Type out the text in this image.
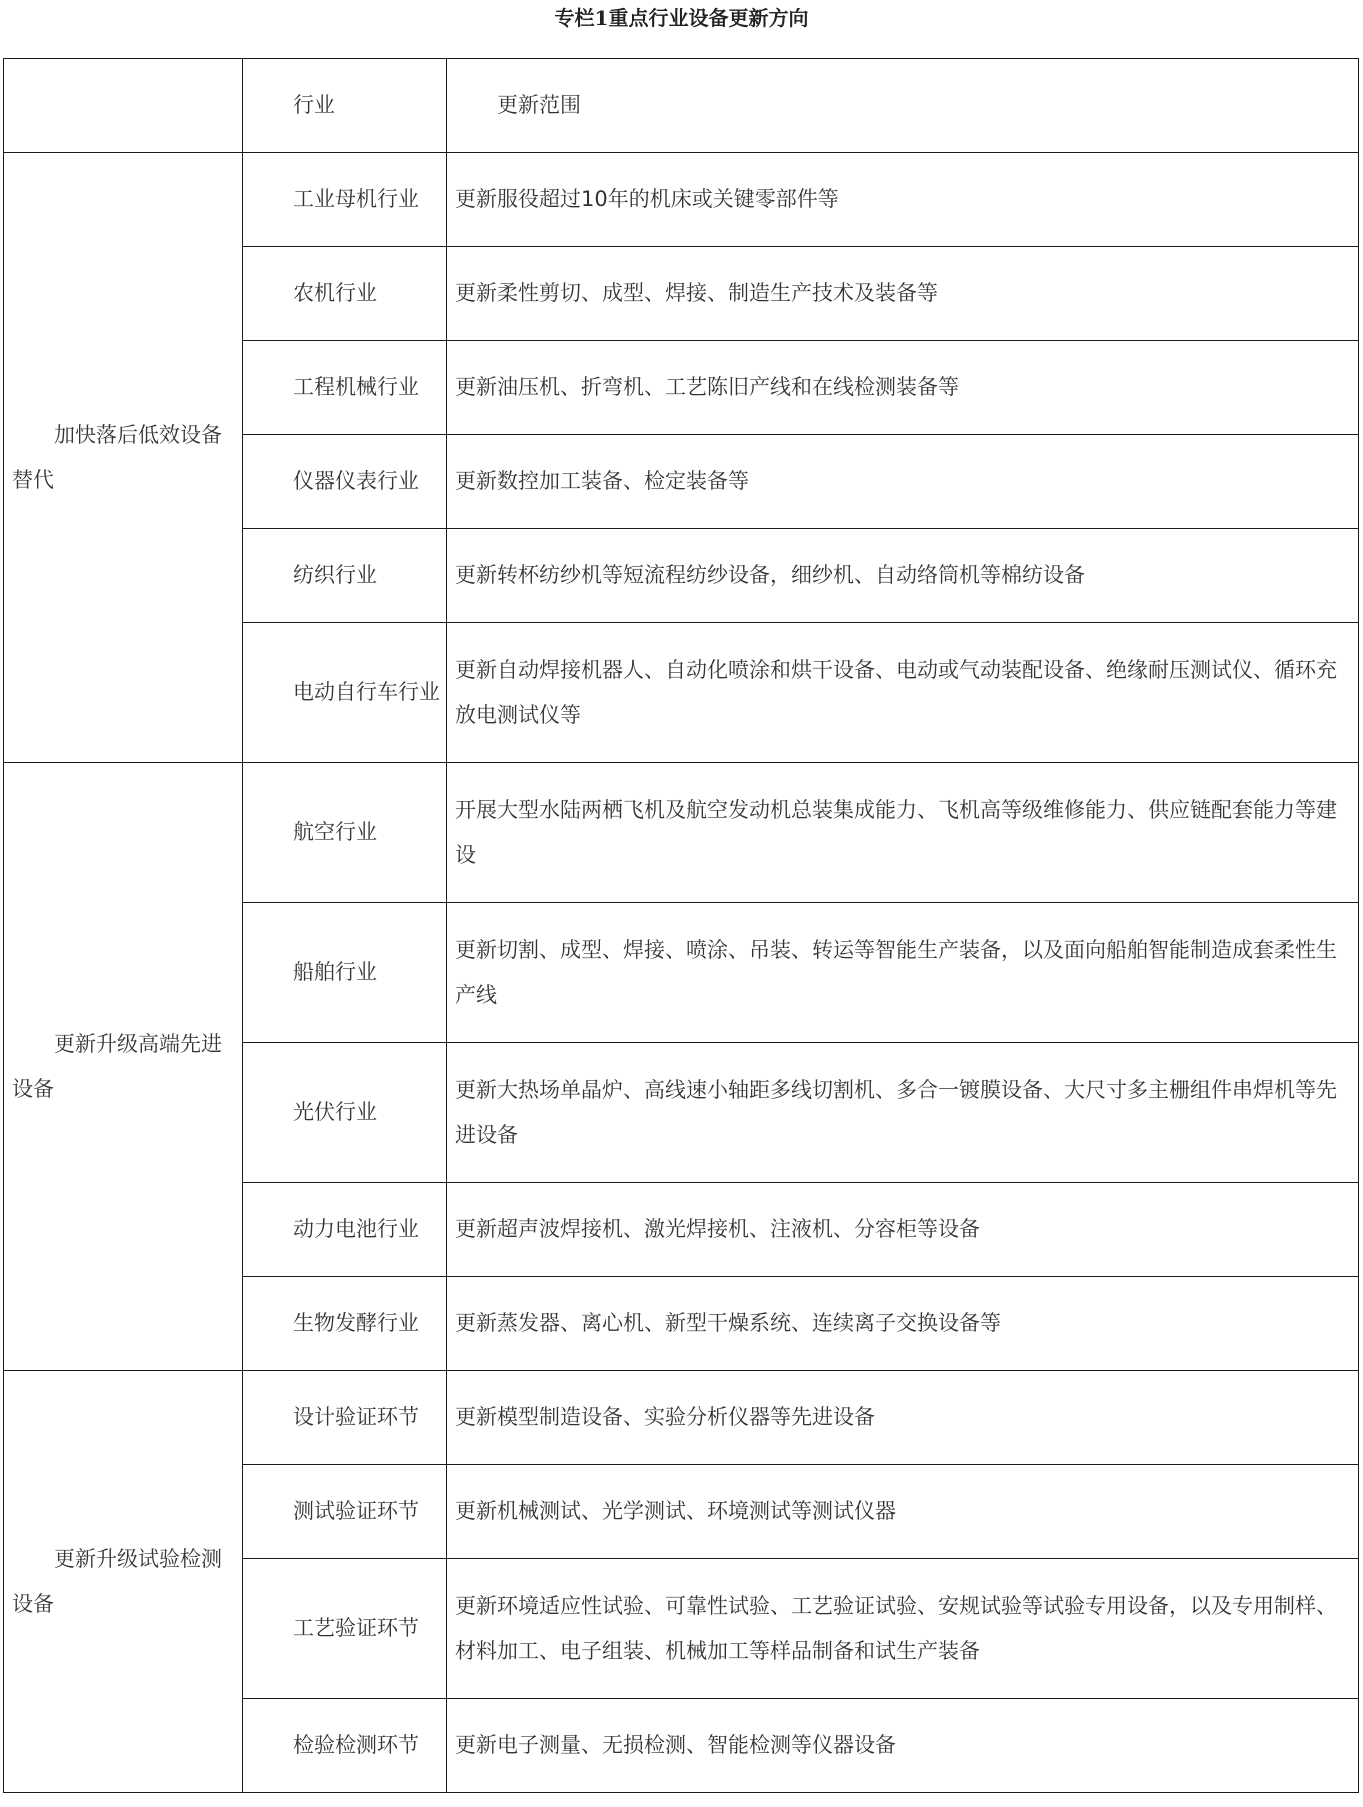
专栏1重点行业设备更新方向
	行业	更新范围
加快落后低效设备替代	工业母机行业	更新服役超过10年的机床或关键零部件等
	农机行业	更新柔性剪切、成型、焊接、制造生产技术及装备等
	工程机械行业	更新油压机、折弯机、工艺陈旧产线和在线检测装备等
	仪器仪表行业	更新数控加工装备、检定装备等
	纺织行业	更新转杯纺纱机等短流程纺纱设备，细纱机、自动络筒机等棉纺设备
	电动自行车行业	更新自动焊接机器人、自动化喷涂和烘干设备、电动或气动装配设备、绝缘耐压测试仪、循环充放电测试仪等
更新升级高端先进设备	航空行业	开展大型水陆两栖飞机及航空发动机总装集成能力、飞机高等级维修能力、供应链配套能力等建设
	船舶行业	更新切割、成型、焊接、喷涂、吊装、转运等智能生产装备，以及面向船舶智能制造成套柔性生产线
	光伏行业	更新大热场单晶炉、高线速小轴距多线切割机、多合一镀膜设备、大尺寸多主栅组件串焊机等先进设备
	动力电池行业	更新超声波焊接机、激光焊接机、注液机、分容柜等设备
	生物发酵行业	更新蒸发器、离心机、新型干燥系统、连续离子交换设备等
更新升级试验检测设备	设计验证环节	更新模型制造设备、实验分析仪器等先进设备
	测试验证环节	更新机械测试、光学测试、环境测试等测试仪器
	工艺验证环节	更新环境适应性试验、可靠性试验、工艺验证试验、安规试验等试验专用设备，以及专用制样、材料加工、电子组装、机械加工等样品制备和试生产装备
	检验检测环节	更新电子测量、无损检测、智能检测等仪器设备
